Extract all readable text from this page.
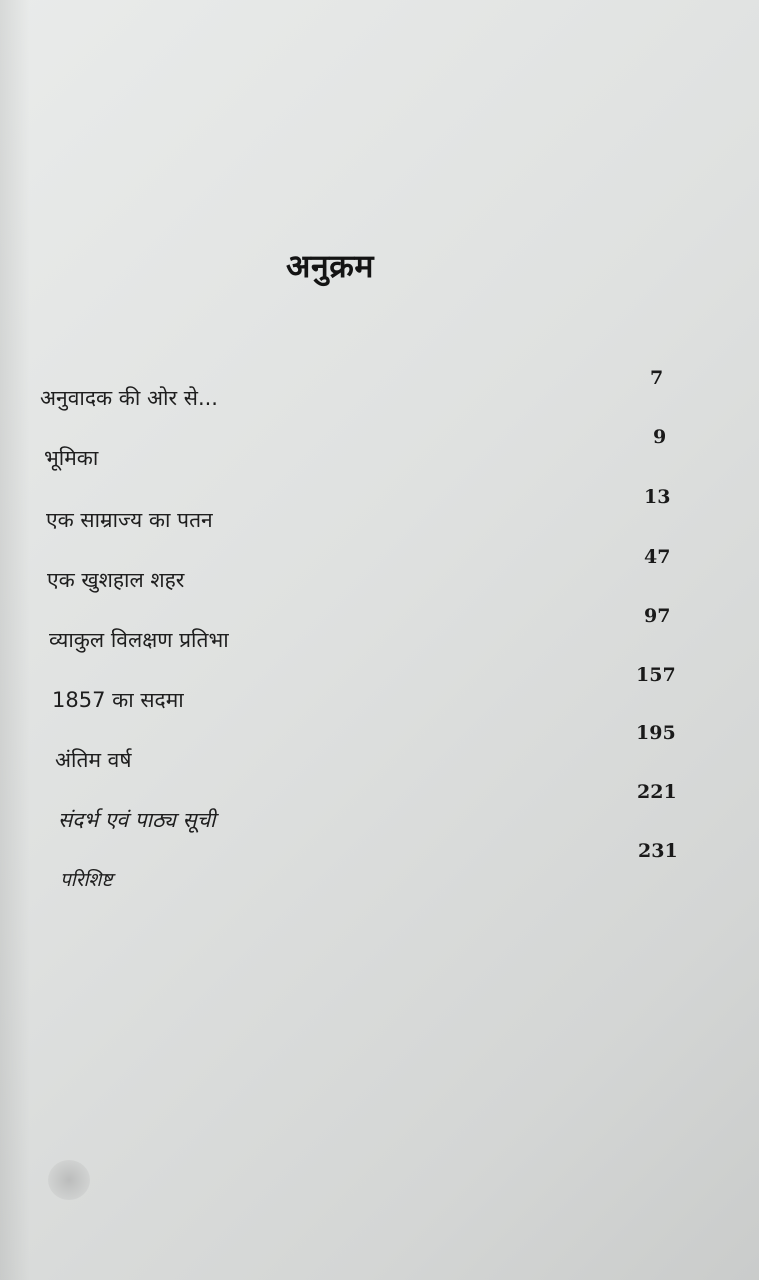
अनुक्रम
अनुवादक की ओर से...
7
भूमिका
9
एक साम्राज्य का पतन
13
एक खुशहाल शहर
47
व्याकुल विलक्षण प्रतिभा
97
1857 का सदमा
157
अंतिम वर्ष
195
संदर्भ एवं पाठ्य सूची
221
परिशिष्ट
231
